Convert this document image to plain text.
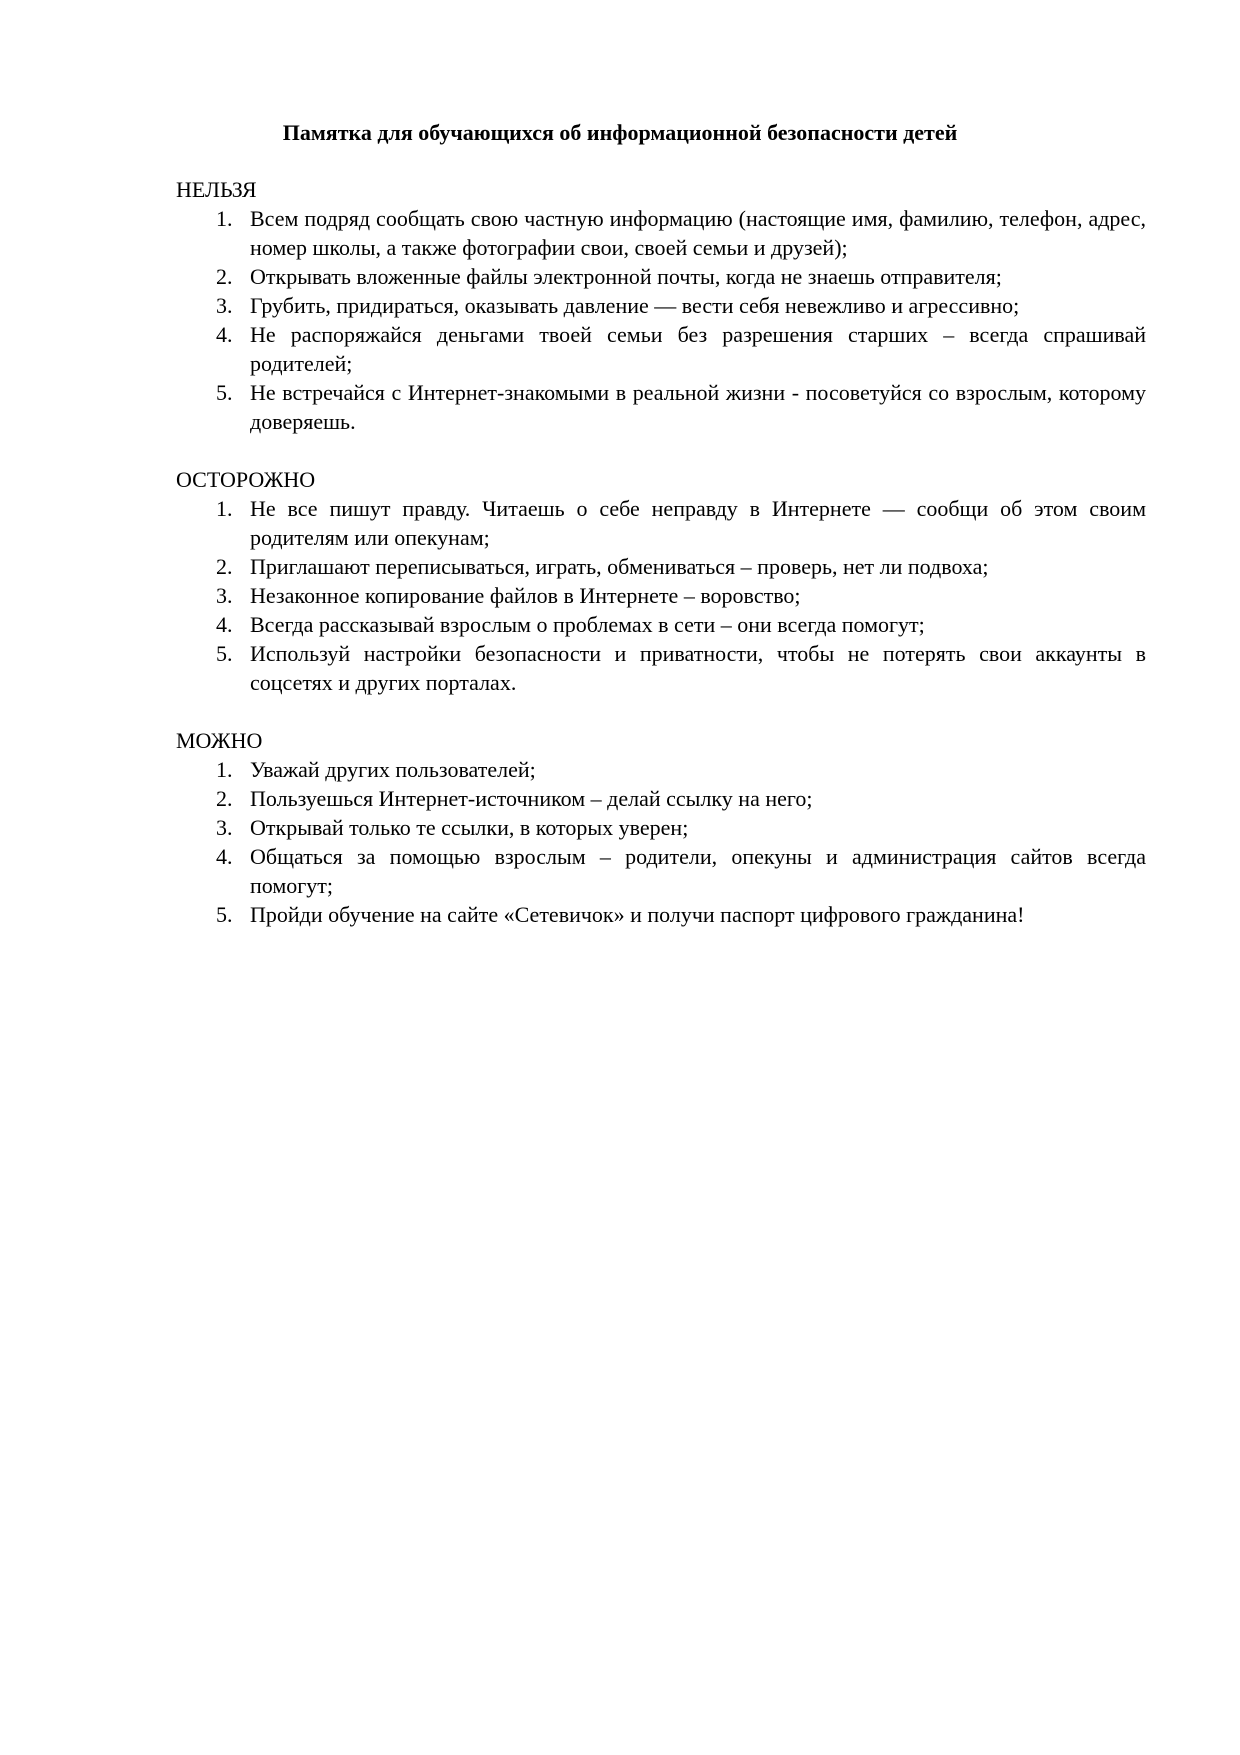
Памятка для обучающихся об информационной безопасности детей

НЕЛЬЗЯ

1. Всем подряд сообщать свою частную информацию (настоящие имя, фамилию, телефон, адрес, номер школы, а также фотографии свои, своей семьи и друзей);
2. Открывать вложенные файлы электронной почты, когда не знаешь отправителя;
3. Грубить, придираться, оказывать давление — вести себя невежливо и агрессивно;
4. Не распоряжайся деньгами твоей семьи без разрешения старших – всегда спрашивай родителей;
5. Не встречайся с Интернет-знакомыми в реальной жизни - посоветуйся со взрослым, которому доверяешь.

ОСТОРОЖНО

1. Не все пишут правду. Читаешь о себе неправду в Интернете — сообщи об этом своим родителям или опекунам;
2. Приглашают переписываться, играть, обмениваться – проверь, нет ли подвоха;
3. Незаконное копирование файлов в Интернете – воровство;
4. Всегда рассказывай взрослым о проблемах в сети – они всегда помогут;
5. Используй настройки безопасности и приватности, чтобы не потерять свои аккаунты в соцсетях и других порталах.

МОЖНО

1. Уважай других пользователей;
2. Пользуешься Интернет-источником – делай ссылку на него;
3. Открывай только те ссылки, в которых уверен;
4. Общаться за помощью взрослым – родители, опекуны и администрация сайтов всегда помогут;
5. Пройди обучение на сайте «Сетевичок» и получи паспорт цифрового гражданина!
